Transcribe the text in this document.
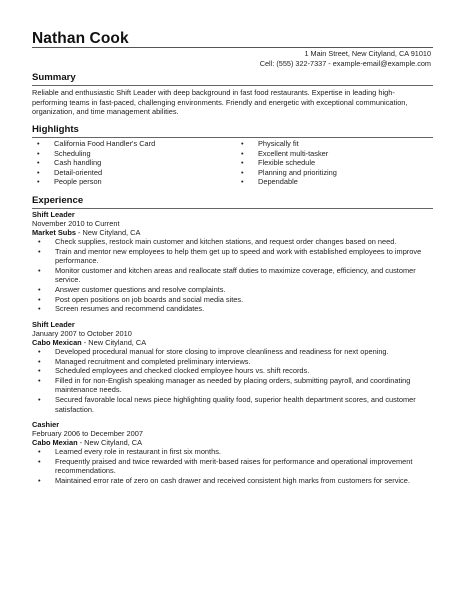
Nathan Cook
1 Main Street, New Cityland, CA 91010
Cell: (555) 322-7337 - example-email@example.com
Summary
Reliable and enthusiastic Shift Leader with deep background in fast food restaurants. Expertise in leading high-performing teams in fast-paced, challenging environments. Friendly and energetic with exceptional communication, organization, and time management abilities.
Highlights
• California Food Handler's Card
• Scheduling
• Cash handling
• Detail-oriented
• People person
• Physically fit
• Excellent multi-tasker
• Flexible schedule
• Planning and prioritizing
• Dependable
Experience
Shift Leader
November 2010 to Current
Market Subs - New Cityland, CA
• Check supplies, restock main customer and kitchen stations, and request order changes based on need.
• Train and mentor new employees to help them get up to speed and work with established employees to improve performance.
• Monitor customer and kitchen areas and reallocate staff duties to maximize coverage, efficiency, and customer service.
• Answer customer questions and resolve complaints.
• Post open positions on job boards and social media sites.
• Screen resumes and recommend candidates.
Shift Leader
January 2007 to October 2010
Cabo Mexican - New Cityland, CA
• Developed procedural manual for store closing to improve cleanliness and readiness for next opening.
• Managed recruitment and completed preliminary interviews.
• Scheduled employees and checked clocked employee hours vs. shift records.
• Filled in for non-English speaking manager as needed by placing orders, submitting payroll, and coordinating maintenance needs.
• Secured favorable local news piece highlighting quality food, superior health department scores, and customer satisfaction.
Cashier
February 2006 to December 2007
Cabo Mexian - New Cityland, CA
• Learned every role in restaurant in first six months.
• Frequently praised and twice rewarded with merit-based raises for performance and operational improvement recommendations.
• Maintained error rate of zero on cash drawer and received consistent high marks from customers for service.
